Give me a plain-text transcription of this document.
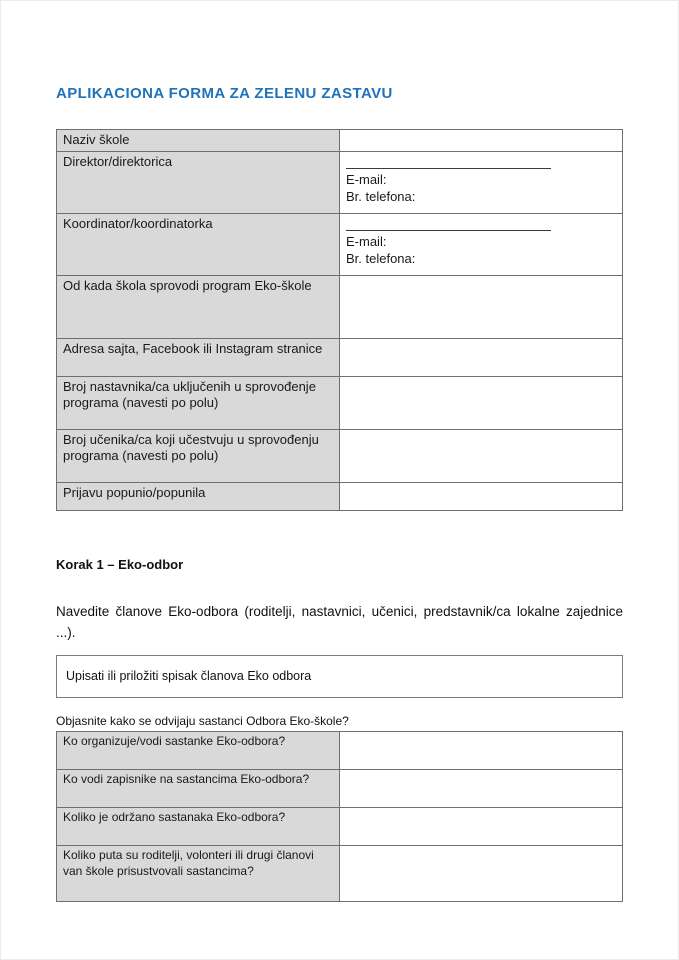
APLIKACIONA FORMA ZA ZELENU ZASTAVU
Naziv škole	
Direktor/direktorica	E-mail:
Br. telefona:

Koordinator/koordinatorka	E-mail:
Br. telefona:

Od kada škola sprovodi program Eko-škole	
Adresa sajta, Facebook ili Instagram stranice	
Broj nastavnika/ca uključenih u sprovođenje programa (navesti po polu)	
Broj učenika/ca koji učestvuju u sprovođenju programa (navesti po polu)	
Prijavu popunio/popunila	
Korak 1 – Eko-odbor
Navedite članove Eko-odbora (roditelji, nastavnici, učenici, predstavnik/ca lokalne zajednice ...).
Upisati ili priložiti spisak članova Eko odbora
Objasnite kako se odvijaju sastanci Odbora Eko-škole?
Ko organizuje/vodi sastanke Eko-odbora?	
Ko vodi zapisnike na sastancima Eko-odbora?	
Koliko je održano sastanaka Eko-odbora?	
Koliko puta su roditelji, volonteri ili drugi članovi van škole prisustvovali sastancima?	
